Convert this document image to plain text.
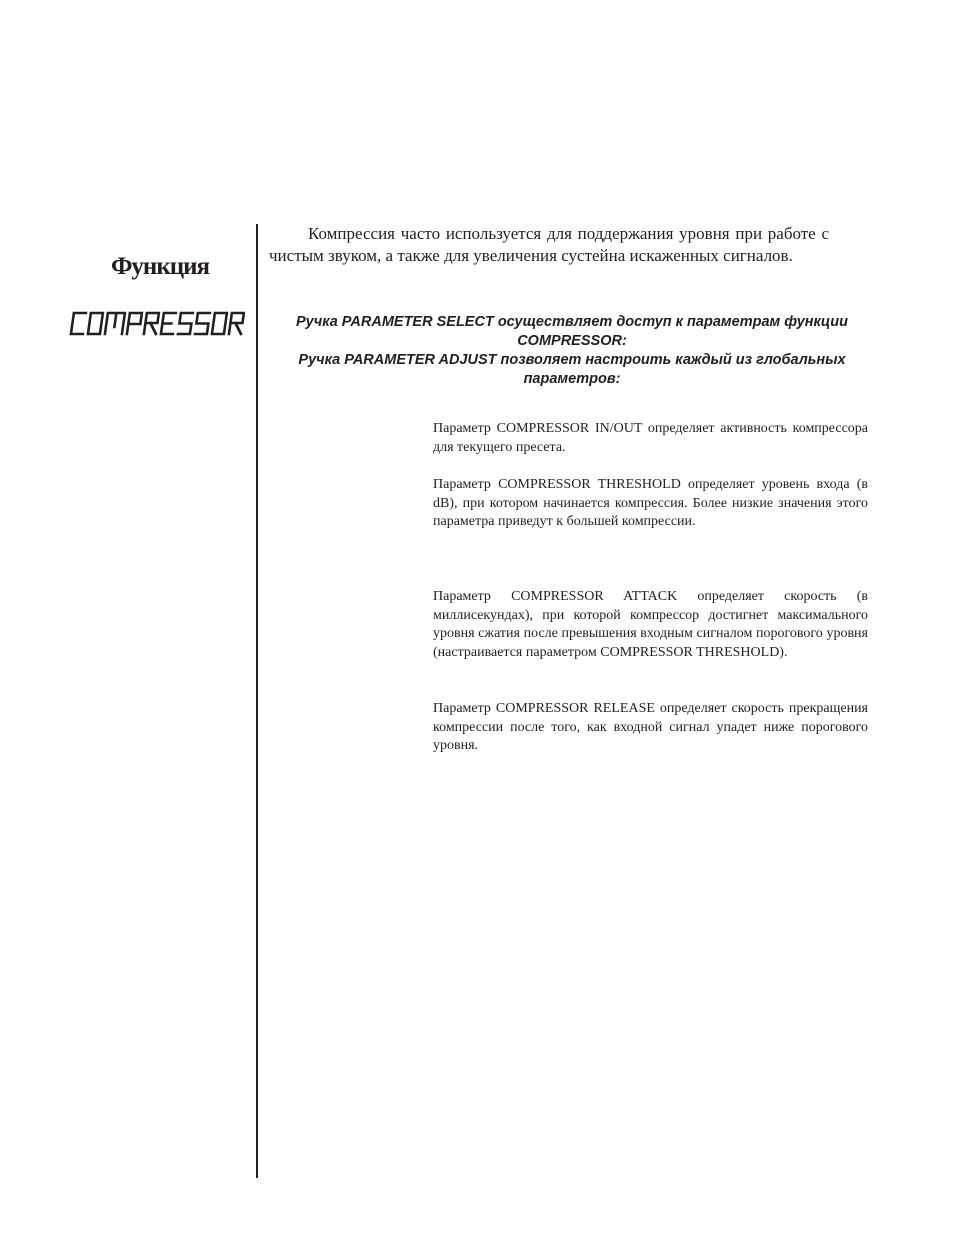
Функция

Компрессия часто используется для поддержания уровня при работе с чистым звуком, а также для увеличения сустейна искаженных сигналов.

Ручка PARAMETER SELECT осуществляет доступ к параметрам функции COMPRESSOR:

Ручка PARAMETER ADJUST позволяет настроить каждый из глобальных параметров:

Параметр COMPRESSOR IN/OUT определяет активность компрессора для текущего пресета.

Параметр COMPRESSOR THRESHOLD определяет уровень входа (в dB), при котором начинается компрессия. Более низкие значения этого параметра приведут к большей компрессии.

Параметр COMPRESSOR ATTACK определяет скорость (в миллисекундах), при которой компрессор достигнет максимального уровня сжатия после превышения входным сигналом порогового уровня (настраивается параметром COMPRESSOR THRESHOLD).

Параметр COMPRESSOR RELEASE определяет скорость прекращения компрессии после того, как входной сигнал упадет ниже порогового уровня.
